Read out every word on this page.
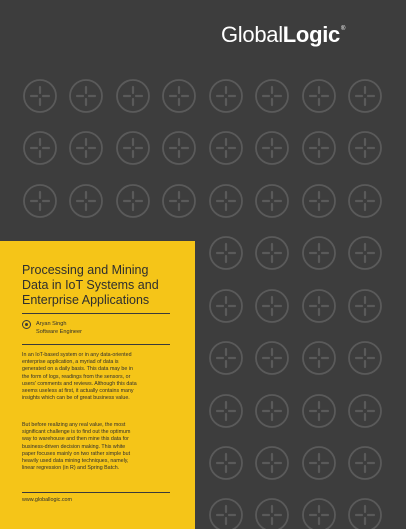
GlobalLogic®
Processing and Mining
Data in IoT Systems and
Enterprise Applications
Aryan Singh
Software Engineer
In an IoT-based system or in any data-oriented
enterprise application, a myriad of data is
generated on a daily basis. This data may be in
the form of logs, readings from the sensors, or
users' comments and reviews. Although this data
seems useless at first, it actually contains many
insights which can be of great business value.
But before realizing any real value, the most
significant challenge is to find out the optimum
way to warehouse and then mine this data for
business-driven decision making. This white
paper focuses mainly on two rather simple but
heavily used data mining techniques, namely,
linear regression (in R) and Spring Batch.
www.globallogic.com
